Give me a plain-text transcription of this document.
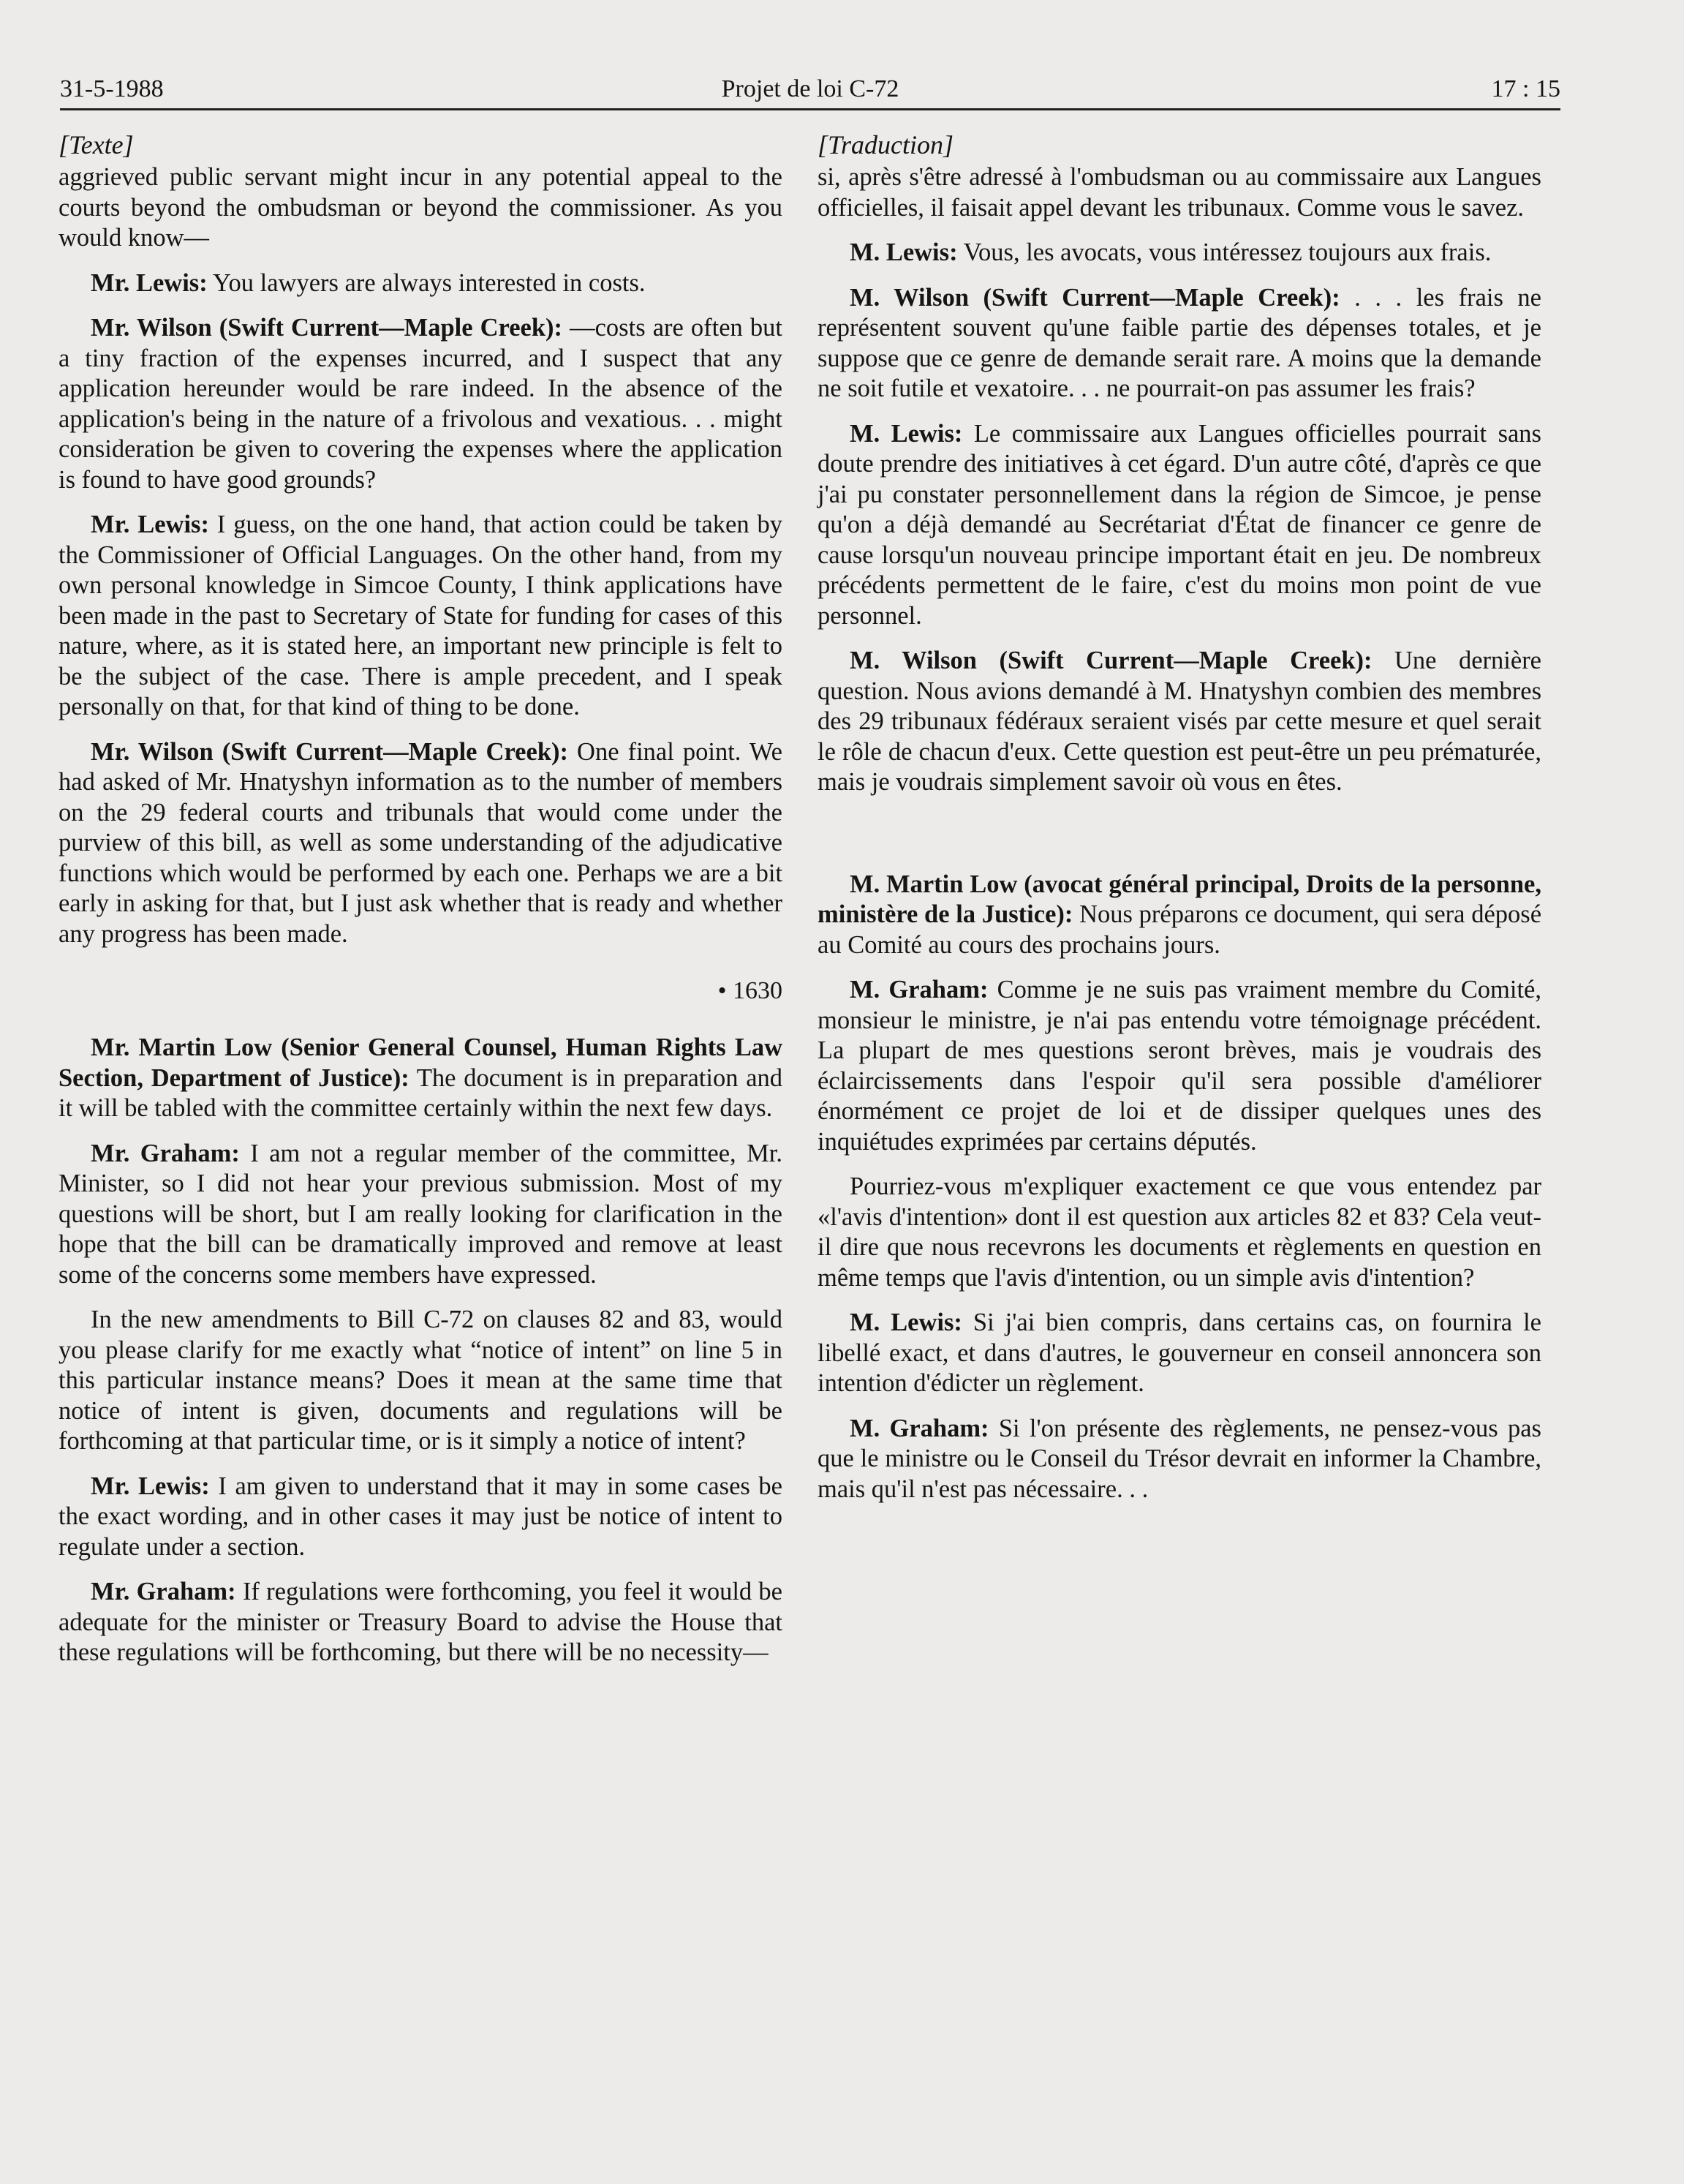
31-5-1988	Projet de loi C-72	17 : 15
[Texte]

aggrieved public servant might incur in any potential appeal to the courts beyond the ombudsman or beyond the commissioner. As you would know—

Mr. Lewis: You lawyers are always interested in costs.

Mr. Wilson (Swift Current—Maple Creek): —costs are often but a tiny fraction of the expenses incurred, and I suspect that any application hereunder would be rare indeed. In the absence of the application's being in the nature of a frivolous and vexatious. . . might consideration be given to covering the expenses where the application is found to have good grounds?

Mr. Lewis: I guess, on the one hand, that action could be taken by the Commissioner of Official Languages. On the other hand, from my own personal knowledge in Simcoe County, I think applications have been made in the past to Secretary of State for funding for cases of this nature, where, as it is stated here, an important new principle is felt to be the subject of the case. There is ample precedent, and I speak personally on that, for that kind of thing to be done.

Mr. Wilson (Swift Current—Maple Creek): One final point. We had asked of Mr. Hnatyshyn information as to the number of members on the 29 federal courts and tribunals that would come under the purview of this bill, as well as some understanding of the adjudicative functions which would be performed by each one. Perhaps we are a bit early in asking for that, but I just ask whether that is ready and whether any progress has been made.

• 1630

Mr. Martin Low (Senior General Counsel, Human Rights Law Section, Department of Justice): The document is in preparation and it will be tabled with the committee certainly within the next few days.

Mr. Graham: I am not a regular member of the committee, Mr. Minister, so I did not hear your previous submission. Most of my questions will be short, but I am really looking for clarification in the hope that the bill can be dramatically improved and remove at least some of the concerns some members have expressed.

In the new amendments to Bill C-72 on clauses 82 and 83, would you please clarify for me exactly what “notice of intent” on line 5 in this particular instance means? Does it mean at the same time that notice of intent is given, documents and regulations will be forthcoming at that particular time, or is it simply a notice of intent?

Mr. Lewis: I am given to understand that it may in some cases be the exact wording, and in other cases it may just be notice of intent to regulate under a section.

Mr. Graham: If regulations were forthcoming, you feel it would be adequate for the minister or Treasury Board to advise the House that these regulations will be forthcoming, but there will be no necessity—

[Traduction]

si, après s'être adressé à l'ombudsman ou au commissaire aux Langues officielles, il faisait appel devant les tribunaux. Comme vous le savez.

M. Lewis: Vous, les avocats, vous intéressez toujours aux frais.

M. Wilson (Swift Current—Maple Creek): . . . les frais ne représentent souvent qu'une faible partie des dépenses totales, et je suppose que ce genre de demande serait rare. A moins que la demande ne soit futile et vexatoire. . . ne pourrait-on pas assumer les frais?

M. Lewis: Le commissaire aux Langues officielles pourrait sans doute prendre des initiatives à cet égard. D'un autre côté, d'après ce que j'ai pu constater personnellement dans la région de Simcoe, je pense qu'on a déjà demandé au Secrétariat d'État de financer ce genre de cause lorsqu'un nouveau principe important était en jeu. De nombreux précédents permettent de le faire, c'est du moins mon point de vue personnel.

M. Wilson (Swift Current—Maple Creek): Une dernière question. Nous avions demandé à M. Hnatyshyn combien des membres des 29 tribunaux fédéraux seraient visés par cette mesure et quel serait le rôle de chacun d'eux. Cette question est peut-être un peu prématurée, mais je voudrais simplement savoir où vous en êtes.

M. Martin Low (avocat général principal, Droits de la personne, ministère de la Justice): Nous préparons ce document, qui sera déposé au Comité au cours des prochains jours.

M. Graham: Comme je ne suis pas vraiment membre du Comité, monsieur le ministre, je n'ai pas entendu votre témoignage précédent. La plupart de mes questions seront brèves, mais je voudrais des éclaircissements dans l'espoir qu'il sera possible d'améliorer énormément ce projet de loi et de dissiper quelques unes des inquiétudes exprimées par certains députés.

Pourriez-vous m'expliquer exactement ce que vous entendez par «l'avis d'intention» dont il est question aux articles 82 et 83? Cela veut-il dire que nous recevrons les documents et règlements en question en même temps que l'avis d'intention, ou un simple avis d'intention?

M. Lewis: Si j'ai bien compris, dans certains cas, on fournira le libellé exact, et dans d'autres, le gouverneur en conseil annoncera son intention d'édicter un règlement.

M. Graham: Si l'on présente des règlements, ne pensez-vous pas que le ministre ou le Conseil du Trésor devrait en informer la Chambre, mais qu'il n'est pas nécessaire. . .
